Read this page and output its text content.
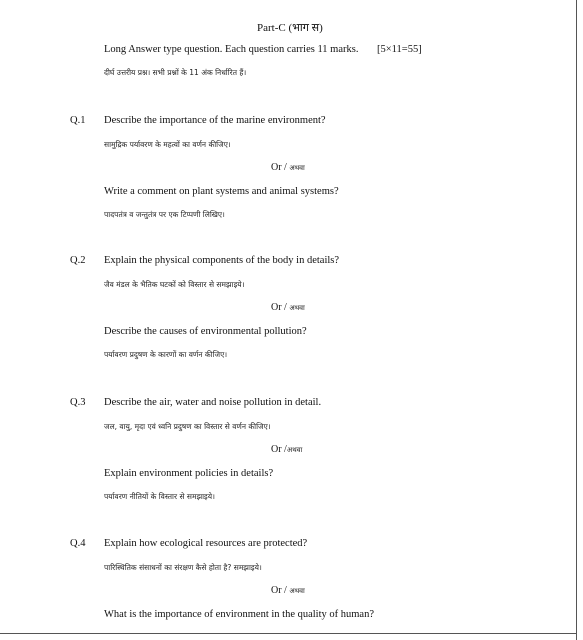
Part-C (भाग स)
Long Answer type question. Each question carries 11 marks. [5×11=55]
दीर्घ उत्तरीय प्रश्न। सभी प्रश्नों के 11 अंक निर्धारित हैं।
Q.1 Describe the importance of the marine environment?
सामुद्रिक पर्यावरण के महत्वों का वर्णन कीजिए।
Or / अथवा
Write a comment on plant systems and animal systems?
पादपतंत्र व जन्तुतंत्र पर एक टिप्पणी लिखिए।
Q.2 Explain the physical components of the body in details?
जैव मंडल के भैतिक घटकों को विस्तार से समझाइये।
Or / अथवा
Describe the causes of environmental pollution?
पर्यावरण प्रदुषण के कारणों का वर्णन कीजिए।
Q.3 Describe the air, water and noise pollution in detail.
जल, वायु, मृदा एवं ध्वनि प्रदुषण का विस्तार से वर्णन कीजिए।
Or /अथवा
Explain environment policies in details?
पर्यावरण नीतियों के विस्तार से समझाइये।
Q.4 Explain how ecological resources are protected?
पारिस्थितिक संसाधनों का संरक्षण कैसे होता है? समझाइये।
Or / अथवा
What is the importance of environment in the quality of human?
